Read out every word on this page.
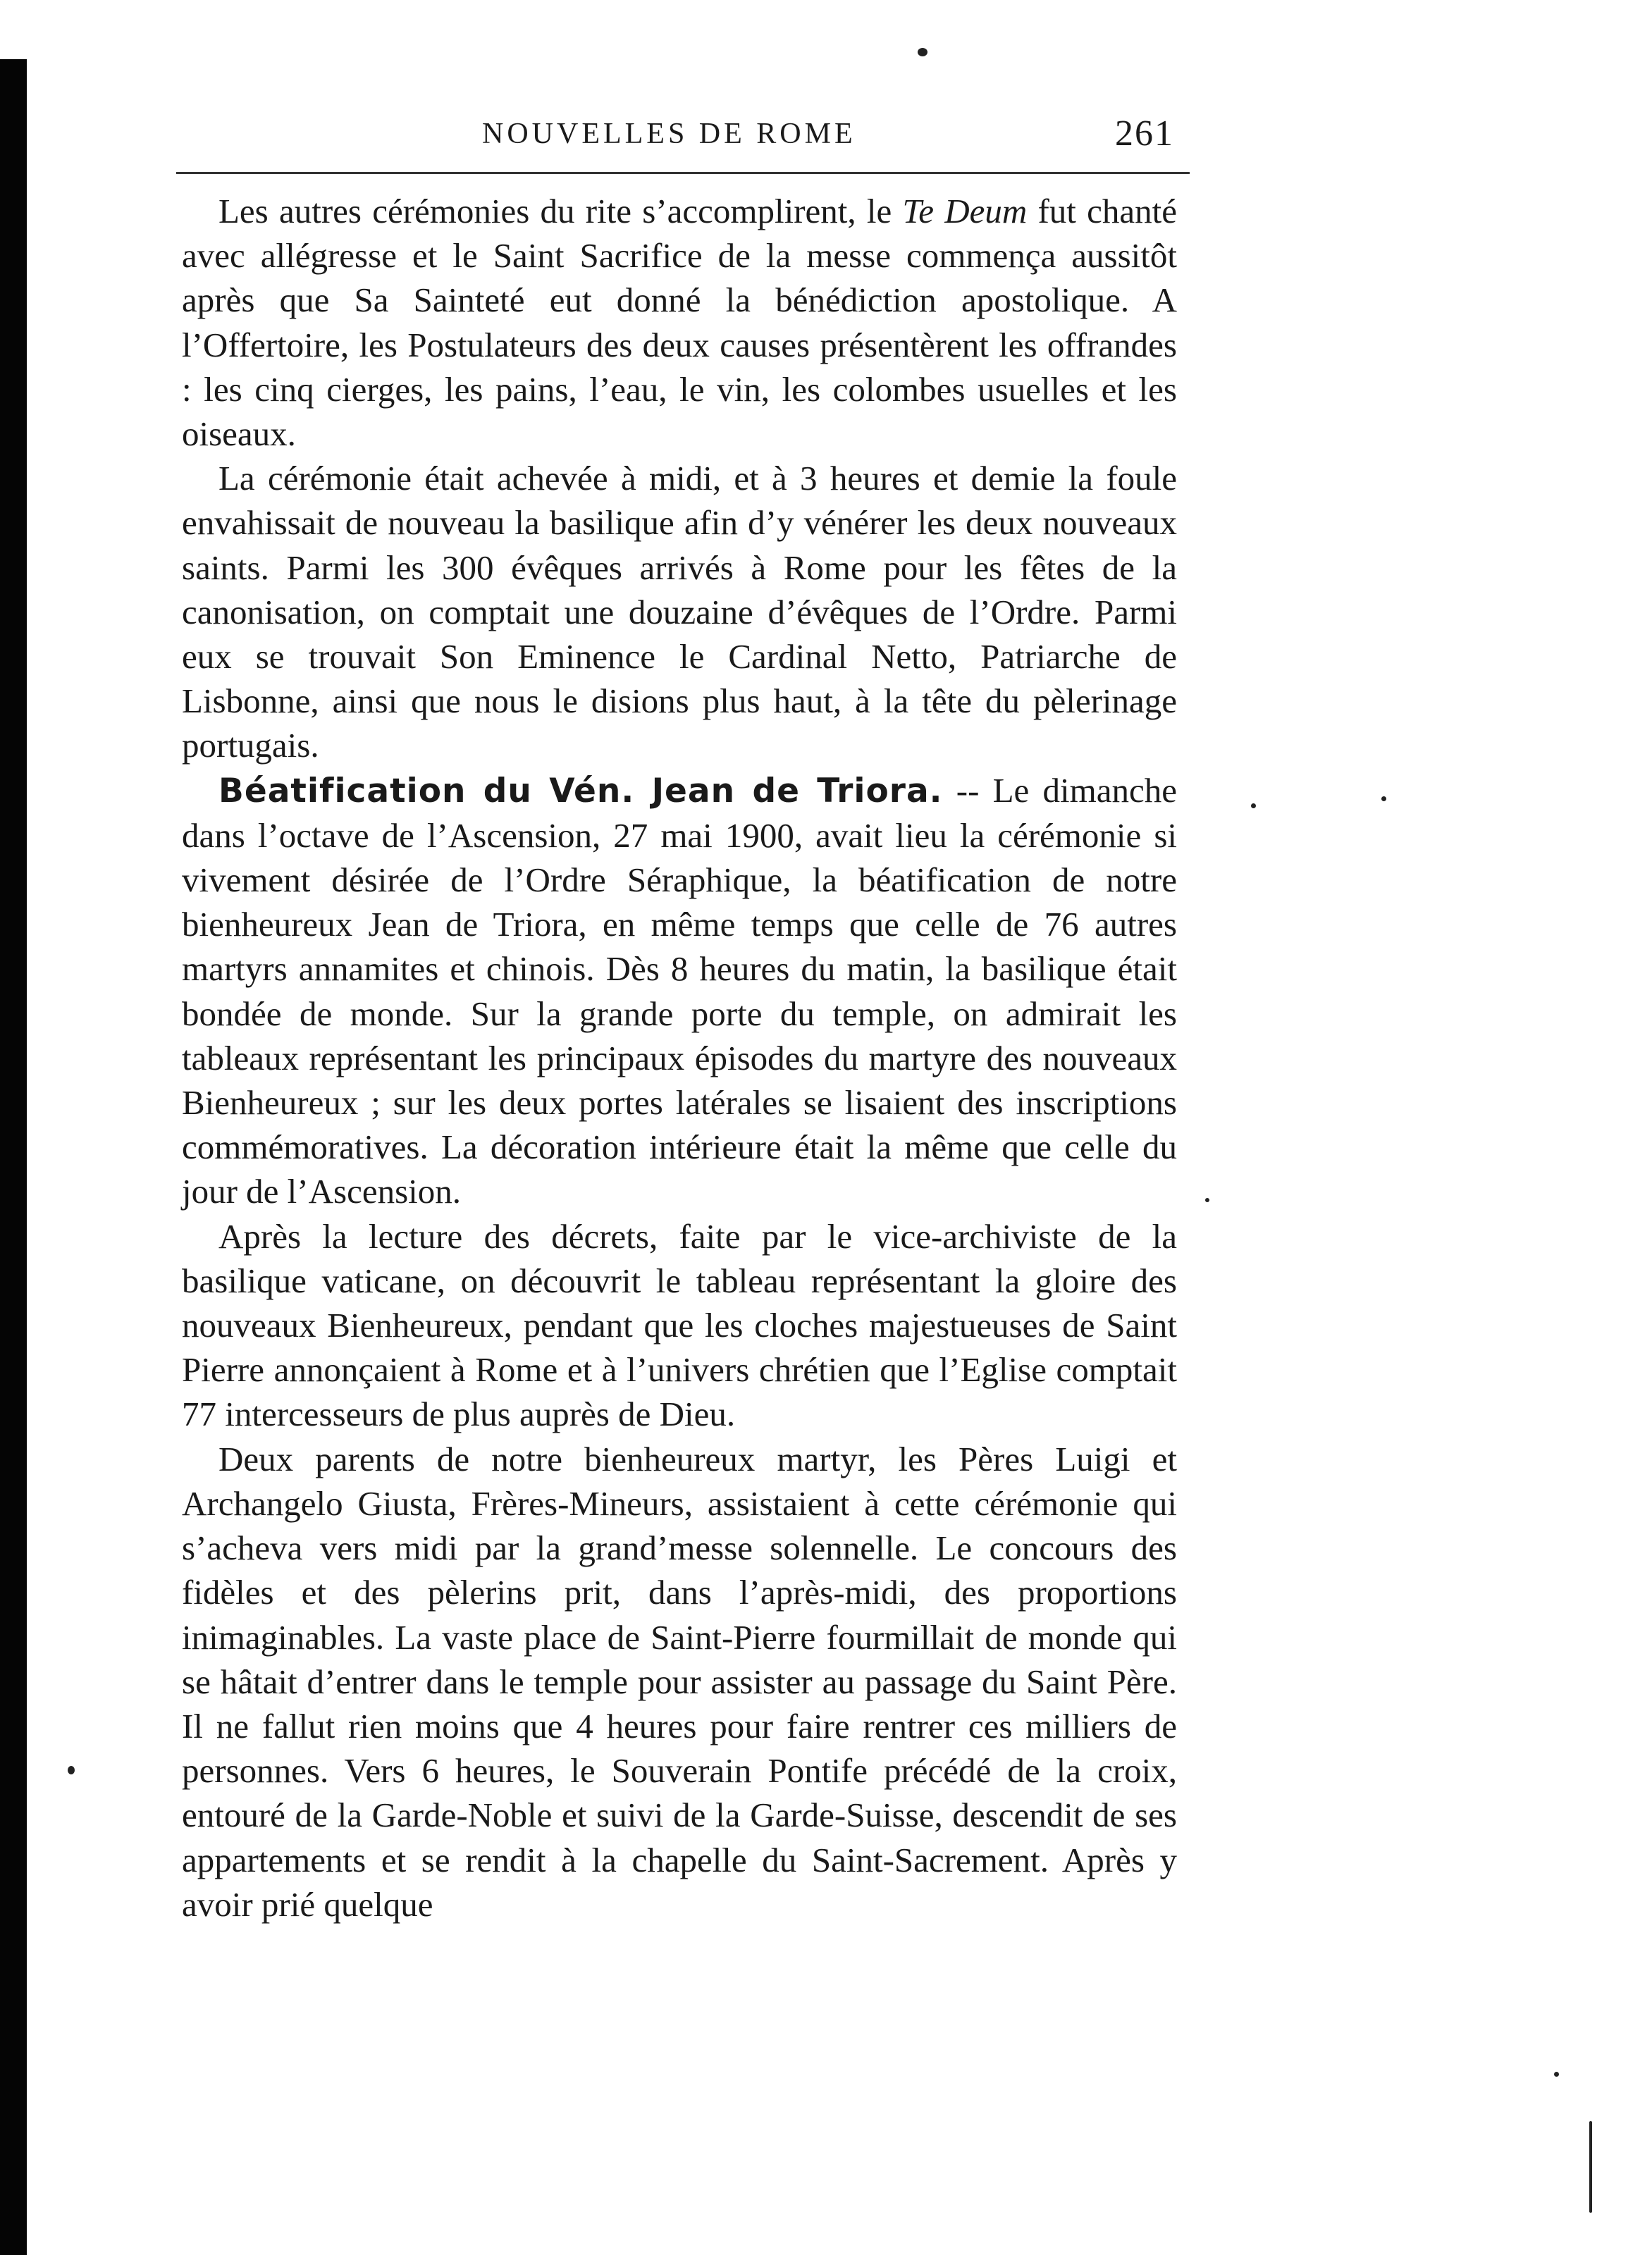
NOUVELLES DE ROME	261

Les autres cérémonies du rite s’accomplirent, le Te Deum fut chanté avec allégresse et le Saint Sacrifice de la messe commença aussitôt après que Sa Sainteté eut donné la bénédiction apostolique. A l’Offertoire, les Postulateurs des deux causes présentèrent les offrandes : les cinq cierges, les pains, l’eau, le vin, les colombes usuelles et les oiseaux.

La cérémonie était achevée à midi, et à 3 heures et demie la foule envahissait de nouveau la basilique afin d’y vénérer les deux nouveaux saints. Parmi les 300 évêques arrivés à Rome pour les fêtes de la canonisation, on comptait une douzaine d’évêques de l’Ordre. Parmi eux se trouvait Son Eminence le Cardinal Netto, Patriarche de Lisbonne, ainsi que nous le disions plus haut, à la tête du pèlerinage portugais.

Béatification du Vén. Jean de Triora. -- Le dimanche dans l’octave de l’Ascension, 27 mai 1900, avait lieu la cérémonie si vivement désirée de l’Ordre Séraphique, la béatification de notre bienheureux Jean de Triora, en même temps que celle de 76 autres martyrs annamites et chinois. Dès 8 heures du matin, la basilique était bondée de monde. Sur la grande porte du temple, on admirait les tableaux représentant les principaux épisodes du martyre des nouveaux Bienheureux ; sur les deux portes latérales se lisaient des inscriptions commémoratives. La décoration intérieure était la même que celle du jour de l’Ascension.

Après la lecture des décrets, faite par le vice-archiviste de la basilique vaticane, on découvrit le tableau représentant la gloire des nouveaux Bienheureux, pendant que les cloches majestueuses de Saint Pierre annonçaient à Rome et à l’univers chrétien que l’Eglise comptait 77 intercesseurs de plus auprès de Dieu.

Deux parents de notre bienheureux martyr, les Pères Luigi et Archangelo Giusta, Frères-Mineurs, assistaient à cette cérémonie qui s’acheva vers midi par la grand’messe solennelle. Le concours des fidèles et des pèlerins prit, dans l’après-midi, des proportions inimaginables. La vaste place de Saint-Pierre fourmillait de monde qui se hâtait d’entrer dans le temple pour assister au passage du Saint Père. Il ne fallut rien moins que 4 heures pour faire rentrer ces milliers de personnes. Vers 6 heures, le Souverain Pontife précédé de la croix, entouré de la Garde-Noble et suivi de la Garde-Suisse, descendit de ses appartements et se rendit à la chapelle du Saint-Sacrement. Après y avoir prié quelque
